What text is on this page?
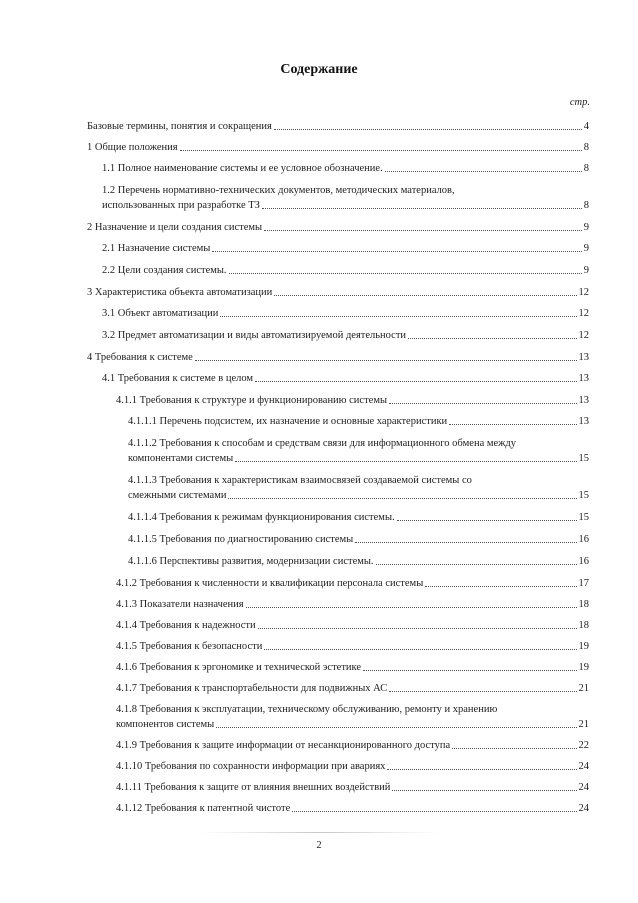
Содержание
стр.
Базовые термины, понятия и сокращения	4
1 Общие положения	8
1.1 Полное наименование системы и ее условное обозначение.	8
1.2 Перечень нормативно-технических документов, методических материалов,
использованных при разработке ТЗ	8
2 Назначение и цели создания системы	9
2.1 Назначение системы	9
2.2 Цели создания системы.	9
3 Характеристика объекта автоматизации	12
3.1 Объект автоматизации	12
3.2 Предмет автоматизации и виды автоматизируемой деятельности	12
4 Требования к системе	13
4.1 Требования к системе в целом	13
4.1.1 Требования к структуре и функционированию системы	13
4.1.1.1 Перечень подсистем, их назначение и основные характеристики	13
4.1.1.2 Требования к способам и средствам связи для информационного обмена между
компонентами системы	15
4.1.1.3 Требования к характеристикам взаимосвязей создаваемой системы со
смежными системами	15
4.1.1.4 Требования к режимам функционирования системы.	15
4.1.1.5 Требования по диагностированию системы	16
4.1.1.6 Перспективы развития, модернизации системы.	16
4.1.2 Требования к численности и квалификации персонала системы	17
4.1.3 Показатели назначения	18
4.1.4 Требования к надежности	18
4.1.5 Требования к безопасности	19
4.1.6 Требования к эргономике и технической эстетике	19
4.1.7 Требования к транспортабельности для подвижных АС	21
4.1.8 Требования к эксплуатации, техническому обслуживанию, ремонту и хранению
компонентов системы	21
4.1.9 Требования к защите информации от несанкционированного доступа	22
4.1.10 Требования по сохранности информации при авариях	24
4.1.11 Требования к защите от влияния внешних воздействий	24
4.1.12 Требования к патентной чистоте	24
2
